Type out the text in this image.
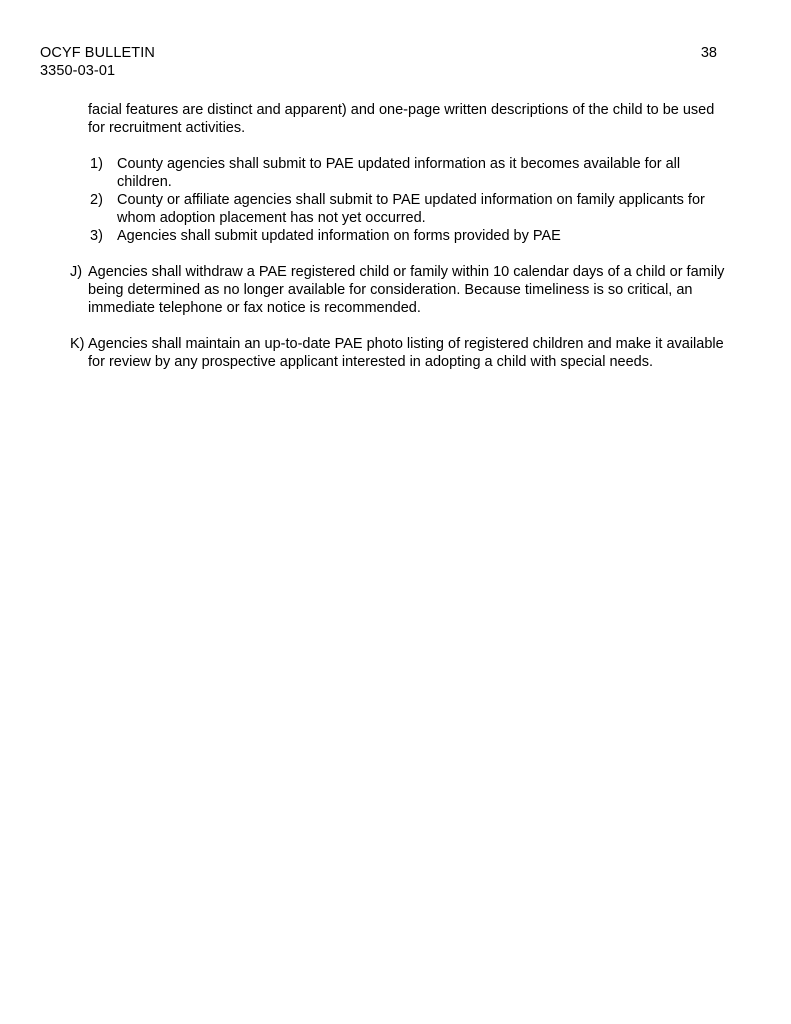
OCYF BULLETIN	38
3350-03-01

facial features are distinct and apparent) and one-page written descriptions of the child to be used for recruitment activities.

1) County agencies shall submit to PAE updated information as it becomes available for all children.
2) County or affiliate agencies shall submit to PAE updated information on family applicants for whom adoption placement has not yet occurred.
3) Agencies shall submit updated information on forms provided by PAE
J) Agencies shall withdraw a PAE registered child or family within 10 calendar days of a child or family being determined as no longer available for consideration. Because timeliness is so critical, an immediate telephone or fax notice is recommended.
K) Agencies shall maintain an up-to-date PAE photo listing of registered children and make it available for review by any prospective applicant interested in adopting a child with special needs.
